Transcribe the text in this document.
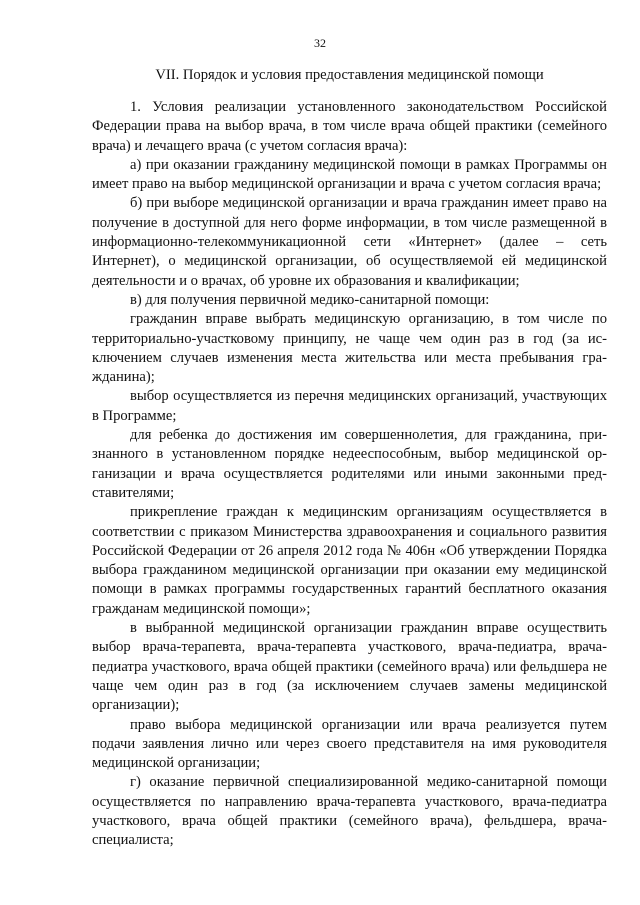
32
VII. Порядок и условия предоставления медицинской помощи

1. Условия реализации установленного законодательством Российской Федерации права на выбор врача, в том числе врача общей практики (семейного врача) и лечащего врача (с учетом согласия врача):

а) при оказании гражданину медицинской помощи в рамках Программы он имеет право на выбор медицинской организации и врача с учетом согласия врача;

б) при выборе медицинской организации и врача гражданин имеет право на получение в доступной для него форме информации, в том числе размещенной в информационно-телекоммуникационной сети «Интернет» (далее – сеть Интернет), о медицинской организации, об осуществляемой ей медицинской деятельности и о врачах, об уровне их образования и квалификации;

в) для получения первичной медико-санитарной помощи:

гражданин вправе выбрать медицинскую организацию, в том числе по территориально-участковому принципу, не чаще чем один раз в год (за исключением случаев изменения места жительства или места пребывания гражданина);

выбор осуществляется из перечня медицинских организаций, участвующих в Программе;

для ребенка до достижения им совершеннолетия, для гражданина, признанного в установленном порядке недееспособным, выбор медицинской организации и врача осуществляется родителями или иными законными представителями;

прикрепление граждан к медицинским организациям осуществляется в соответствии с приказом Министерства здравоохранения и социального развития Российской Федерации от 26 апреля 2012 года № 406н «Об утверждении Порядка выбора гражданином медицинской организации при оказании ему медицинской помощи в рамках программы государственных гарантий бесплатного оказания гражданам медицинской помощи»;

в выбранной медицинской организации гражданин вправе осуществить выбор врача-терапевта, врача-терапевта участкового, врача-педиатра, врача-педиатра участкового, врача общей практики (семейного врача) или фельдшера не чаще чем один раз в год (за исключением случаев замены медицинской организации);

право выбора медицинской организации или врача реализуется путем подачи заявления лично или через своего представителя на имя руководителя медицинской организации;

г) оказание первичной специализированной медико-санитарной помощи осуществляется по направлению врача-терапевта участкового, врача-педиатра участкового, врача общей практики (семейного врача), фельдшера, врача-специалиста;
